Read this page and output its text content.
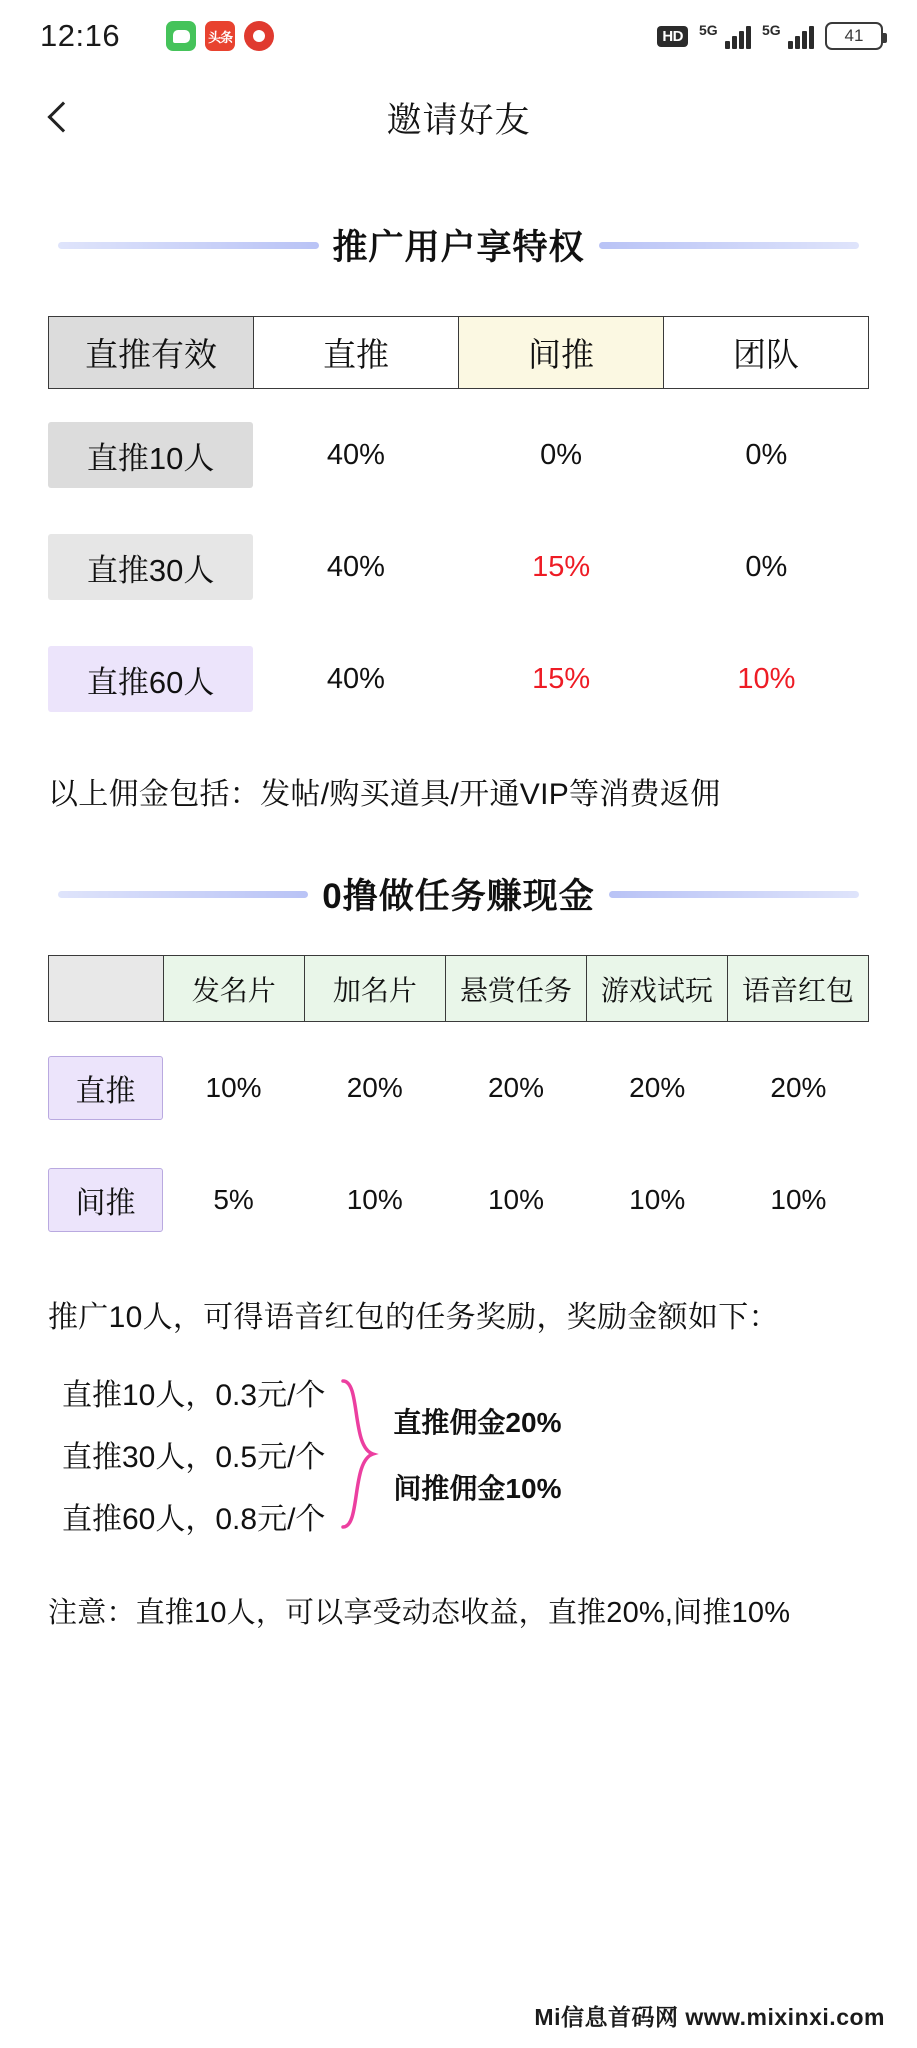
12:16	头条	HD	5G	5G	41
邀请好友
推广用户享特权
直推有效	直推	间推	团队
直推10人	40%	0%	0%
直推30人	40%	15%	0%
直推60人	40%	15%	10%
以上佣金包括：发帖/购买道具/开通VIP等消费返佣
0撸做任务赚现金
	发名片	加名片	悬赏任务	游戏试玩	语音红包
直推	10%	20%	20%	20%	20%
间推	5%	10%	10%	10%	10%
推广10人，可得语音红包的任务奖励，奖励金额如下：
直推10人，0.3元/个
直推30人，0.5元/个
直推60人，0.8元/个
直推佣金20%
间推佣金10%
注意：直推10人，可以享受动态收益，直推20%,间推10%
Mi信息首码网 www.mixinxi.com
